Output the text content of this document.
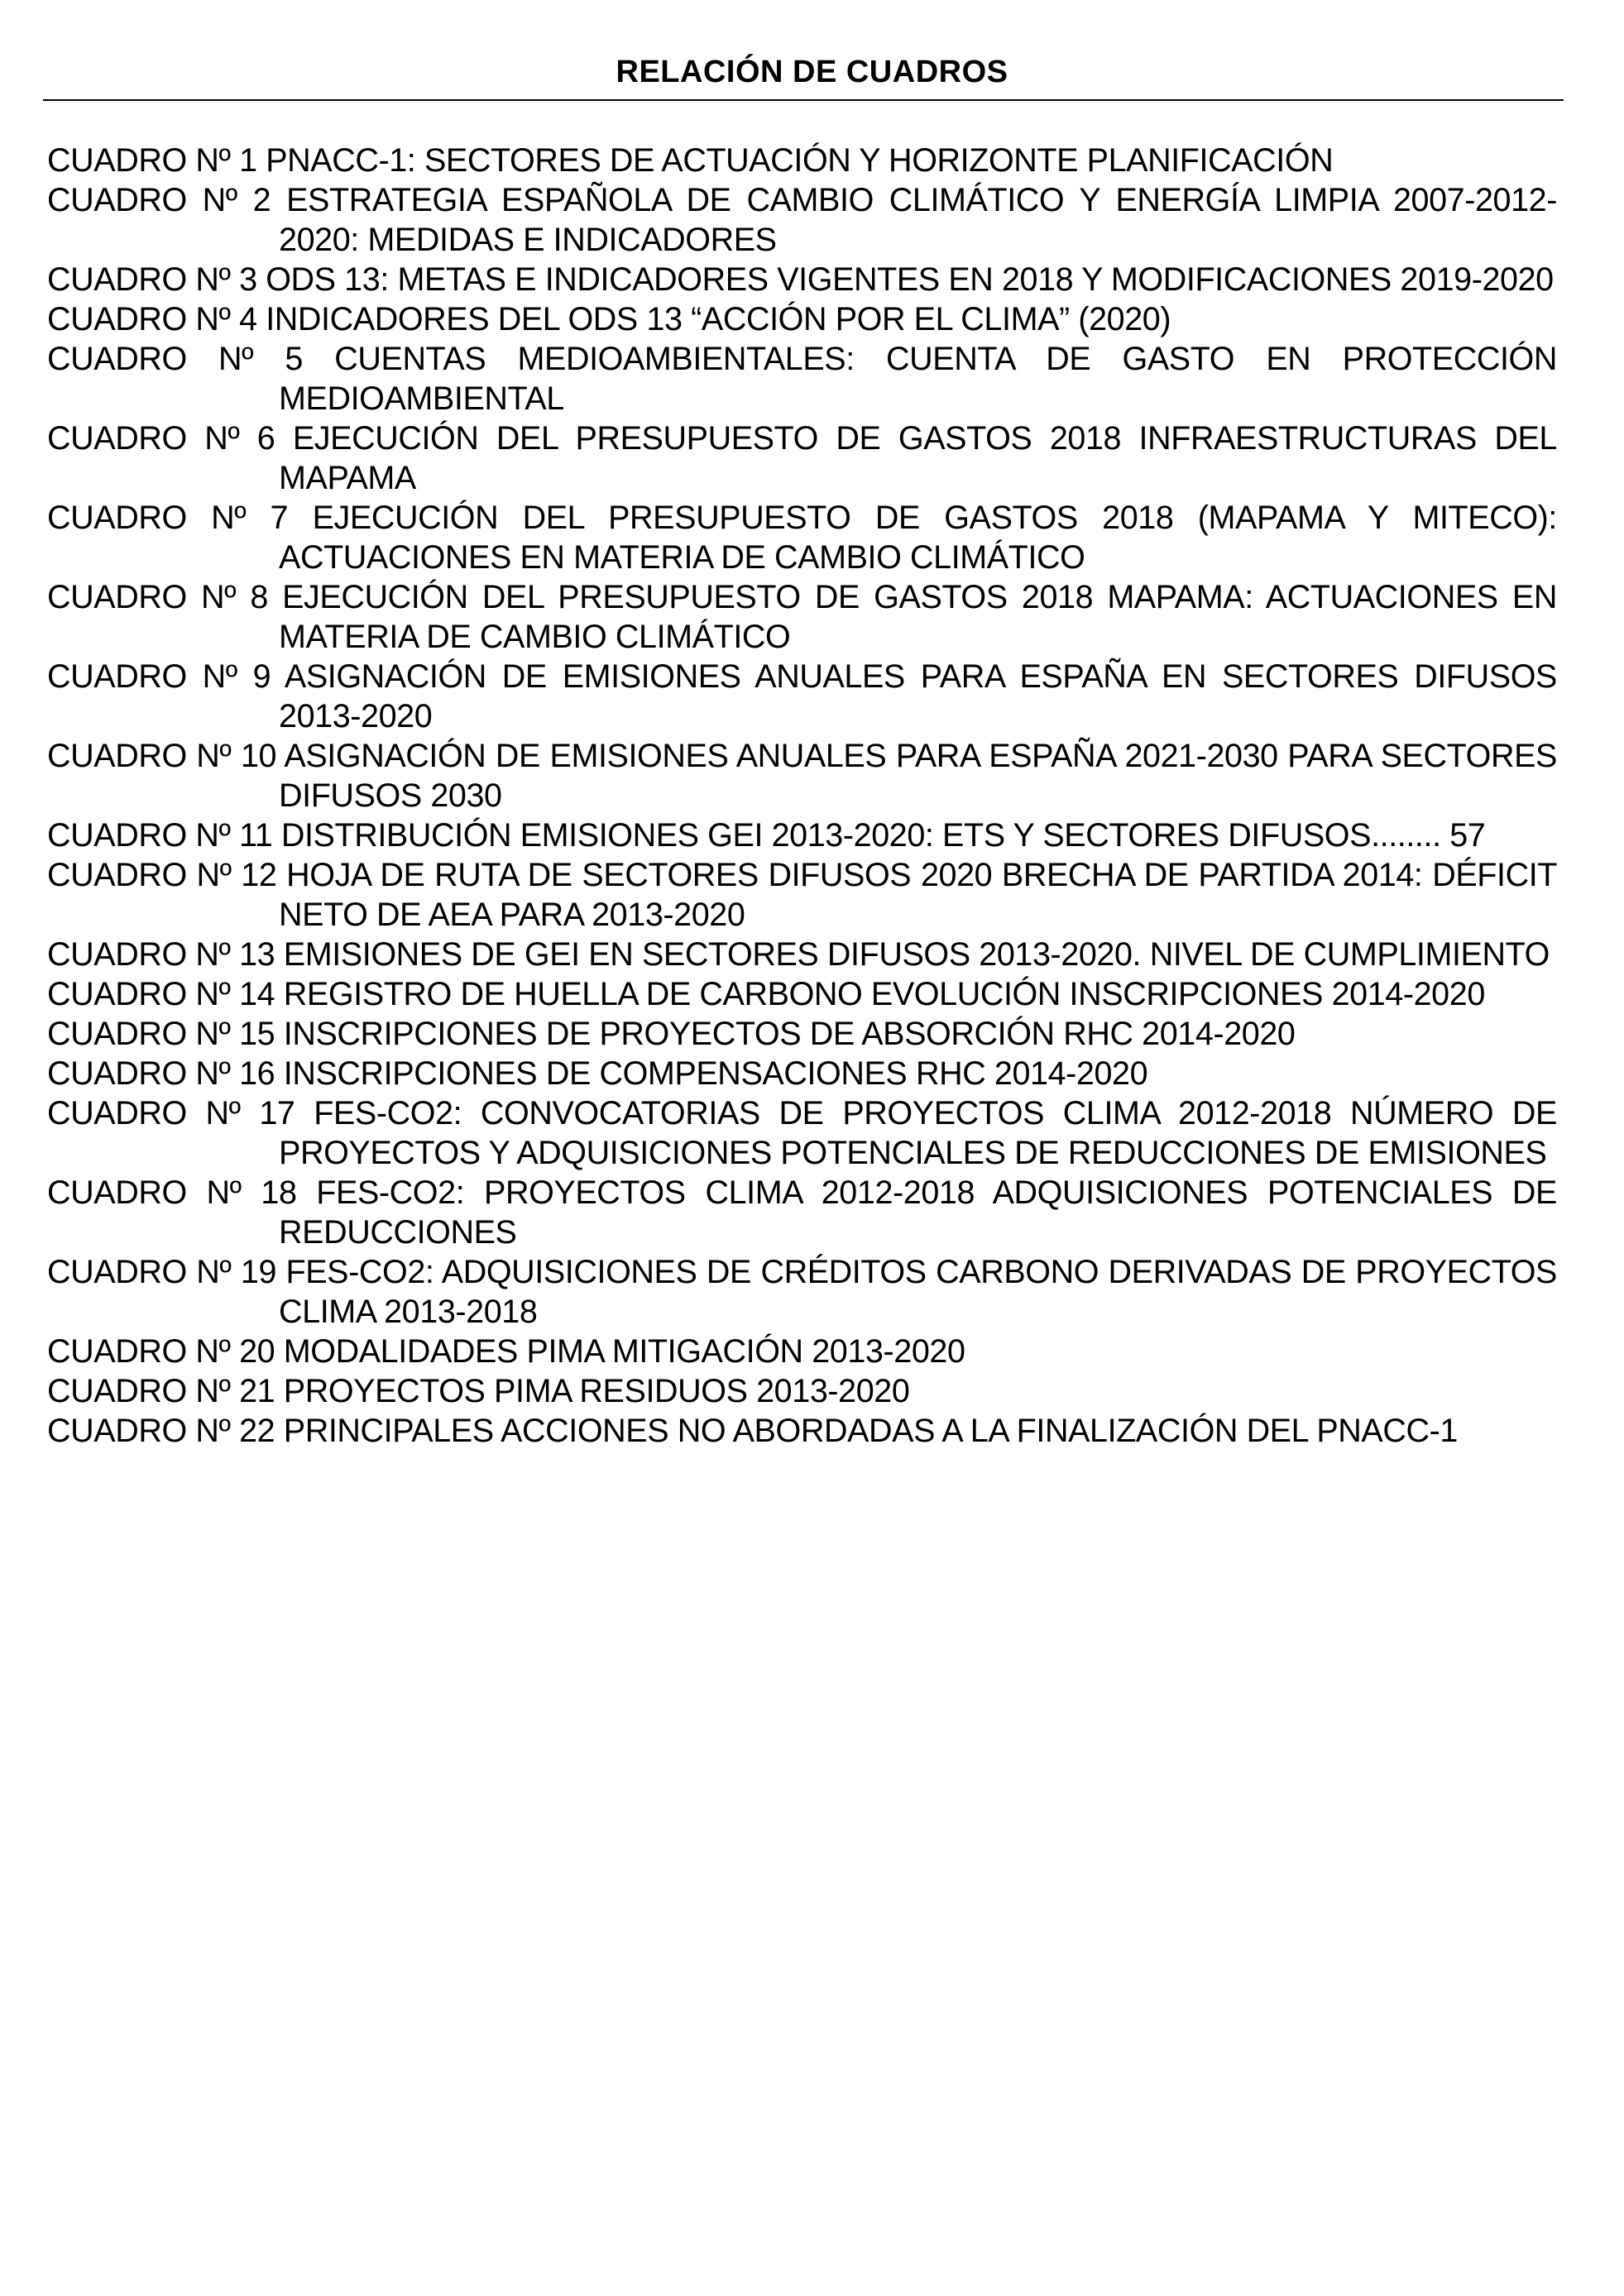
RELACIÓN DE CUADROS
CUADRO Nº 1 PNACC-1: SECTORES DE ACTUACIÓN Y HORIZONTE PLANIFICACIÓN
CUADRO Nº 2 ESTRATEGIA ESPAÑOLA DE CAMBIO CLIMÁTICO Y ENERGÍA LIMPIA 2007-2012-2020: MEDIDAS E INDICADORES
CUADRO Nº 3 ODS 13: METAS E INDICADORES VIGENTES EN 2018 Y MODIFICACIONES 2019-2020
CUADRO Nº 4 INDICADORES DEL ODS 13 “ACCIÓN POR EL CLIMA” (2020)
CUADRO Nº 5 CUENTAS MEDIOAMBIENTALES: CUENTA DE GASTO EN PROTECCIÓN MEDIOAMBIENTAL
CUADRO Nº 6 EJECUCIÓN DEL PRESUPUESTO DE GASTOS 2018 INFRAESTRUCTURAS DEL MAPAMA
CUADRO Nº 7 EJECUCIÓN DEL PRESUPUESTO DE GASTOS 2018 (MAPAMA Y MITECO): ACTUACIONES EN MATERIA DE CAMBIO CLIMÁTICO
CUADRO Nº 8 EJECUCIÓN DEL PRESUPUESTO DE GASTOS 2018 MAPAMA: ACTUACIONES EN MATERIA DE CAMBIO CLIMÁTICO
CUADRO Nº 9 ASIGNACIÓN DE EMISIONES ANUALES PARA ESPAÑA EN SECTORES DIFUSOS 2013-2020
CUADRO Nº 10 ASIGNACIÓN DE EMISIONES ANUALES PARA ESPAÑA 2021-2030 PARA SECTORES DIFUSOS 2030
CUADRO Nº 11 DISTRIBUCIÓN EMISIONES GEI 2013-2020: ETS Y SECTORES DIFUSOS........ 57
CUADRO Nº 12 HOJA DE RUTA DE SECTORES DIFUSOS 2020 BRECHA DE PARTIDA 2014: DÉFICIT NETO DE AEA PARA 2013-2020
CUADRO Nº 13 EMISIONES DE GEI EN SECTORES DIFUSOS 2013-2020. NIVEL DE CUMPLIMIENTO
CUADRO Nº 14 REGISTRO DE HUELLA DE CARBONO EVOLUCIÓN INSCRIPCIONES 2014-2020
CUADRO Nº 15 INSCRIPCIONES DE PROYECTOS DE ABSORCIÓN RHC 2014-2020
CUADRO Nº 16 INSCRIPCIONES DE COMPENSACIONES RHC 2014-2020
CUADRO Nº 17 FES-CO2: CONVOCATORIAS DE PROYECTOS CLIMA 2012-2018 NÚMERO DE PROYECTOS Y ADQUISICIONES POTENCIALES DE REDUCCIONES DE EMISIONES
CUADRO Nº 18 FES-CO2: PROYECTOS CLIMA 2012-2018 ADQUISICIONES POTENCIALES DE REDUCCIONES
CUADRO Nº 19 FES-CO2: ADQUISICIONES DE CRÉDITOS CARBONO DERIVADAS DE PROYECTOS CLIMA 2013-2018
CUADRO Nº 20 MODALIDADES PIMA MITIGACIÓN 2013-2020
CUADRO Nº 21 PROYECTOS PIMA RESIDUOS 2013-2020
CUADRO Nº 22 PRINCIPALES ACCIONES NO ABORDADAS A LA FINALIZACIÓN DEL PNACC-1
